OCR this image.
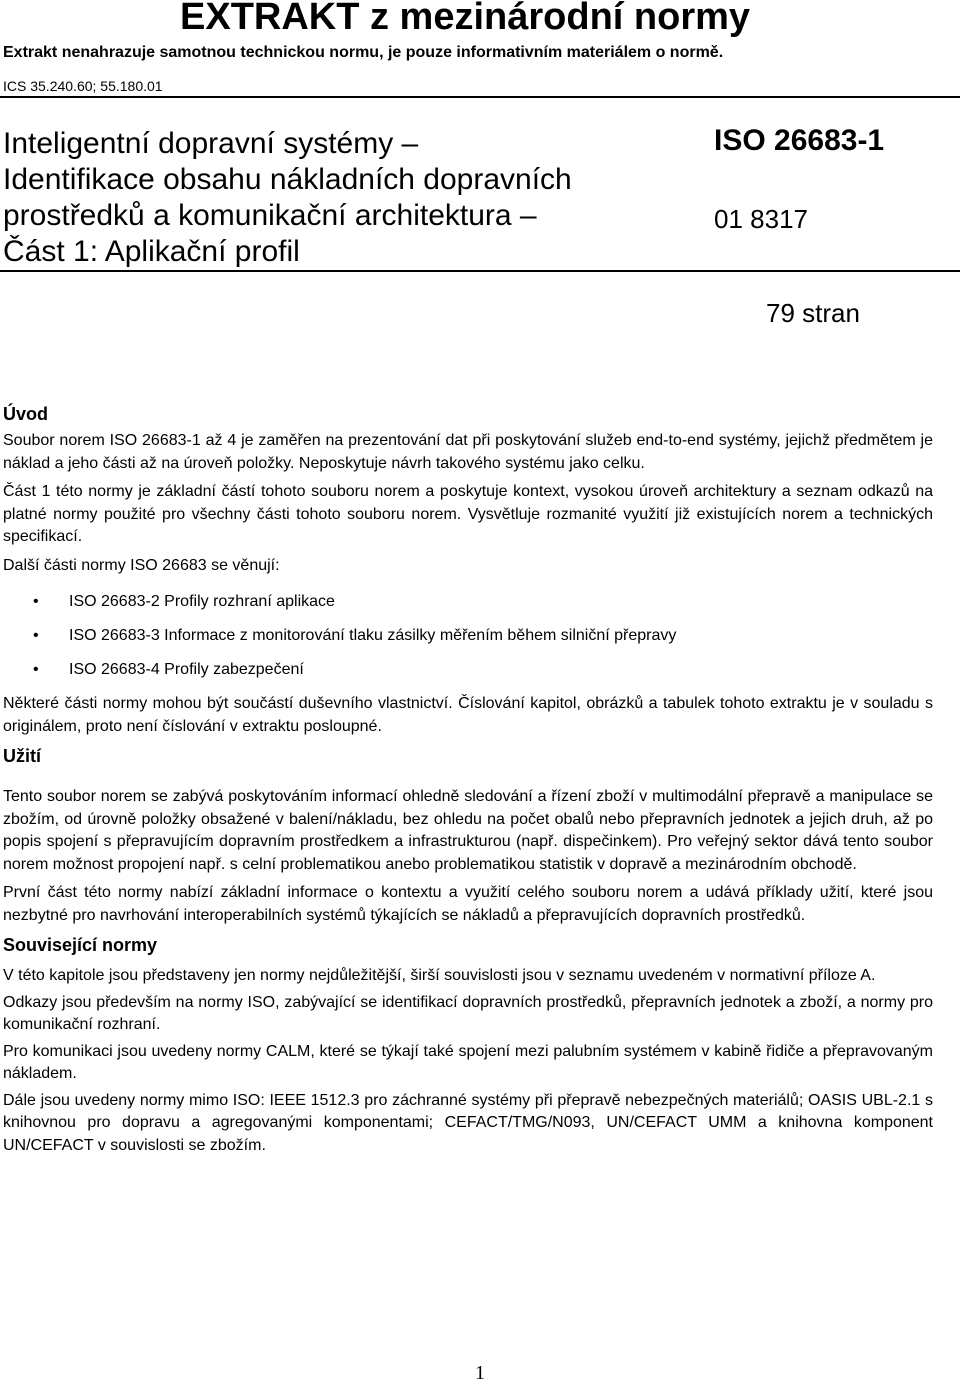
EXTRAKT z mezinárodní normy
Extrakt nenahrazuje samotnou technickou normu, je pouze informativním materiálem o normě.
ICS 35.240.60; 55.180.01
Inteligentní dopravní systémy –
Identifikace obsahu nákladních dopravních
prostředků a komunikační architektura –
Část 1: Aplikační profil
ISO 26683-1
01 8317
79 stran
Úvod

Soubor norem ISO 26683-1 až 4 je zaměřen na prezentování dat při poskytování služeb end-to-end systémy, jejichž předmětem je náklad a jeho části až na úroveň položky. Neposkytuje návrh takového systému jako celku.

Část 1 této normy je základní částí tohoto souboru norem a poskytuje kontext, vysokou úroveň architektury a seznam odkazů na platné normy použité pro všechny části tohoto souboru norem. Vysvětluje rozmanité využití již existujících norem a technických specifikací.

Další části normy ISO 26683 se věnují:

• ISO 26683-2 Profily rozhraní aplikace
• ISO 26683-3 Informace z monitorování tlaku zásilky měřením během silniční přepravy
• ISO 26683-4 Profily zabezpečení

Některé části normy mohou být součástí duševního vlastnictví. Číslování kapitol, obrázků a tabulek tohoto extraktu je v souladu s originálem, proto není číslování v extraktu posloupné.

Užití

Tento soubor norem se zabývá poskytováním informací ohledně sledování a řízení zboží v multimodální přepravě a manipulace se zbožím, od úrovně položky obsažené v balení/nákladu, bez ohledu na počet obalů nebo přepravních jednotek a jejich druh, až po popis spojení s přepravujícím dopravním prostředkem a infrastrukturou (např. dispečinkem). Pro veřejný sektor dává tento soubor norem možnost propojení např. s celní problematikou anebo problematikou statistik v dopravě a mezinárodním obchodě.

První část této normy nabízí základní informace o kontextu a využití celého souboru norem a udává příklady užití, které jsou nezbytné pro navrhování interoperabilních systémů týkajících se nákladů a přepravujících dopravních prostředků.

Související normy

V této kapitole jsou představeny jen normy nejdůležitější, širší souvislosti jsou v seznamu uvedeném v normativní příloze A.

Odkazy jsou především na normy ISO, zabývající se identifikací dopravních prostředků, přepravních jednotek a zboží, a normy pro komunikační rozhraní.

Pro komunikaci jsou uvedeny normy CALM, které se týkají také spojení mezi palubním systémem v kabině řidiče a přepravovaným nákladem.

Dále jsou uvedeny normy mimo ISO: IEEE 1512.3 pro záchranné systémy při přepravě nebezpečných materiálů; OASIS UBL-2.1 s knihovnou pro dopravu a agregovanými komponentami; CEFACT/TMG/N093, UN/CEFACT UMM a knihovna komponent UN/CEFACT v souvislosti se zbožím.

1
